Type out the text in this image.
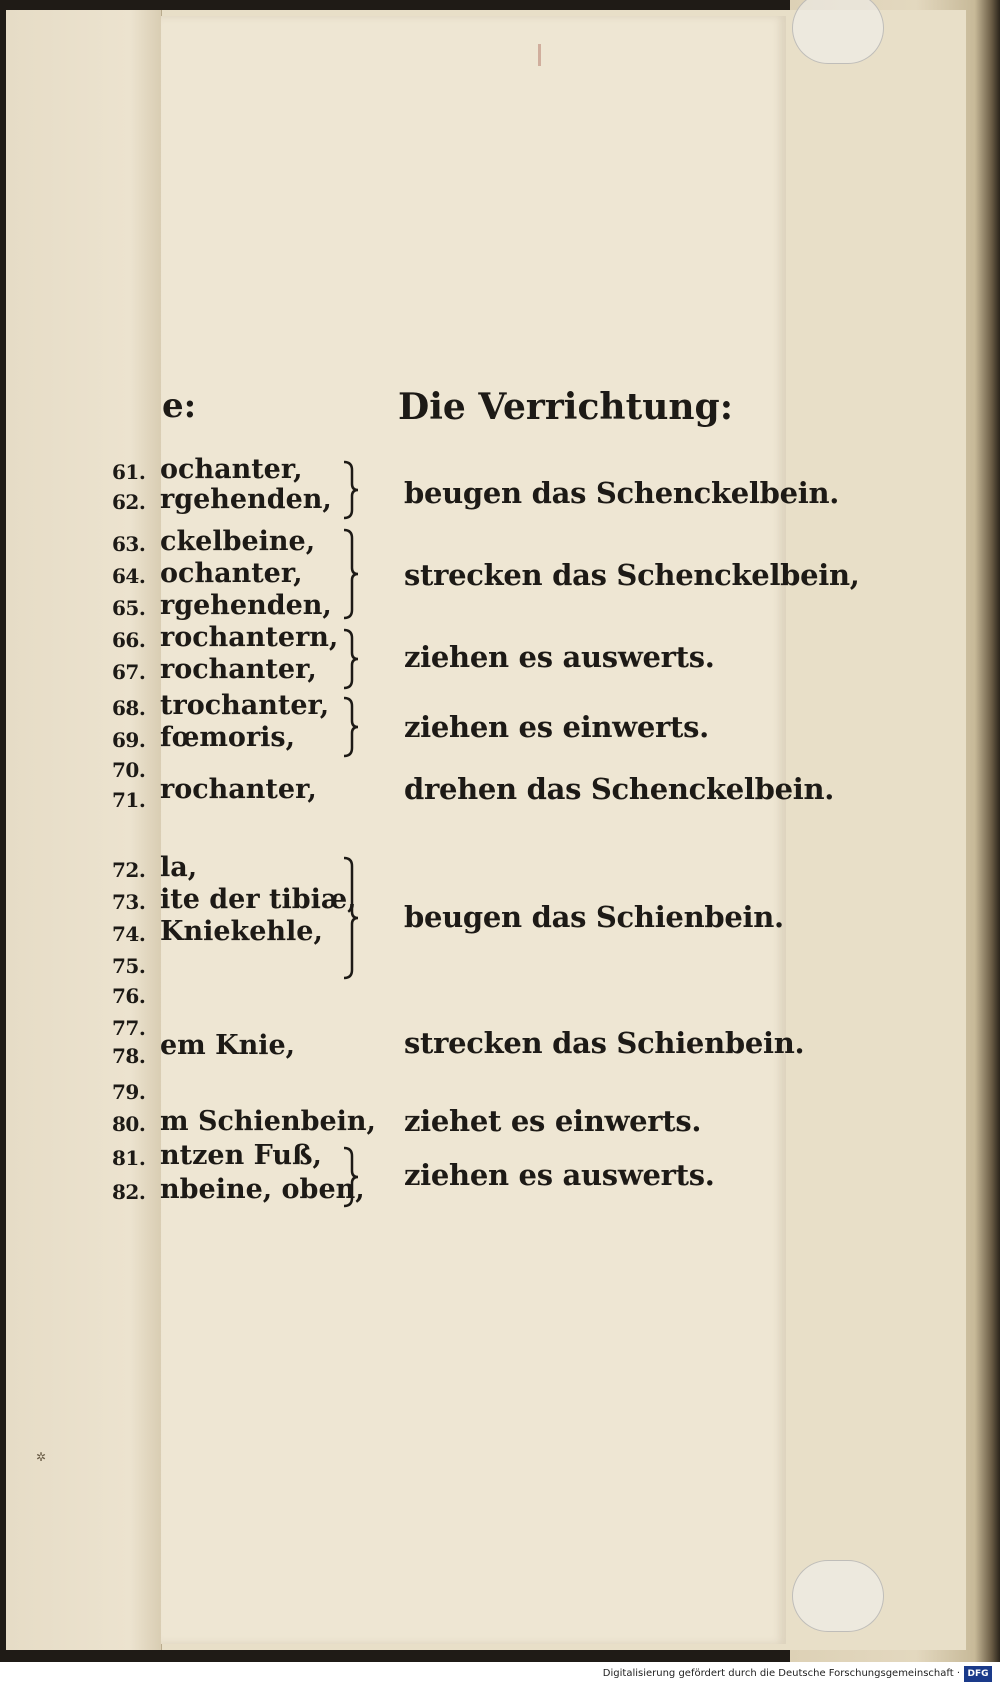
e:	Die Verrichtung:
61. ochanter,
62. rgehenden,
63. ckelbeine,
64. ochanter,
65. rgehenden,
66. rochantern,
67. rochanter,
68. trochanter,
69. fœmoris,
70.
71. rochanter,
72. la,
73. ite der tibiæ,
74. Kniekehle,
75.
76.
77.
78. em Knie,
79.
80. m Schienbein,
81. ntzen Fuß,
82. nbeine, oben,
beugen das Schenckelbein.
strecken das Schenckelbein,
ziehen es auswerts.
ziehen es einwerts.
drehen das Schenckelbein.
beugen das Schienbein.
strecken das Schienbein.
ziehet es einwerts.
ziehen es auswerts.
✲
Digitalisierung gefördert durch die Deutsche Forschungsgemeinschaft · DFG
